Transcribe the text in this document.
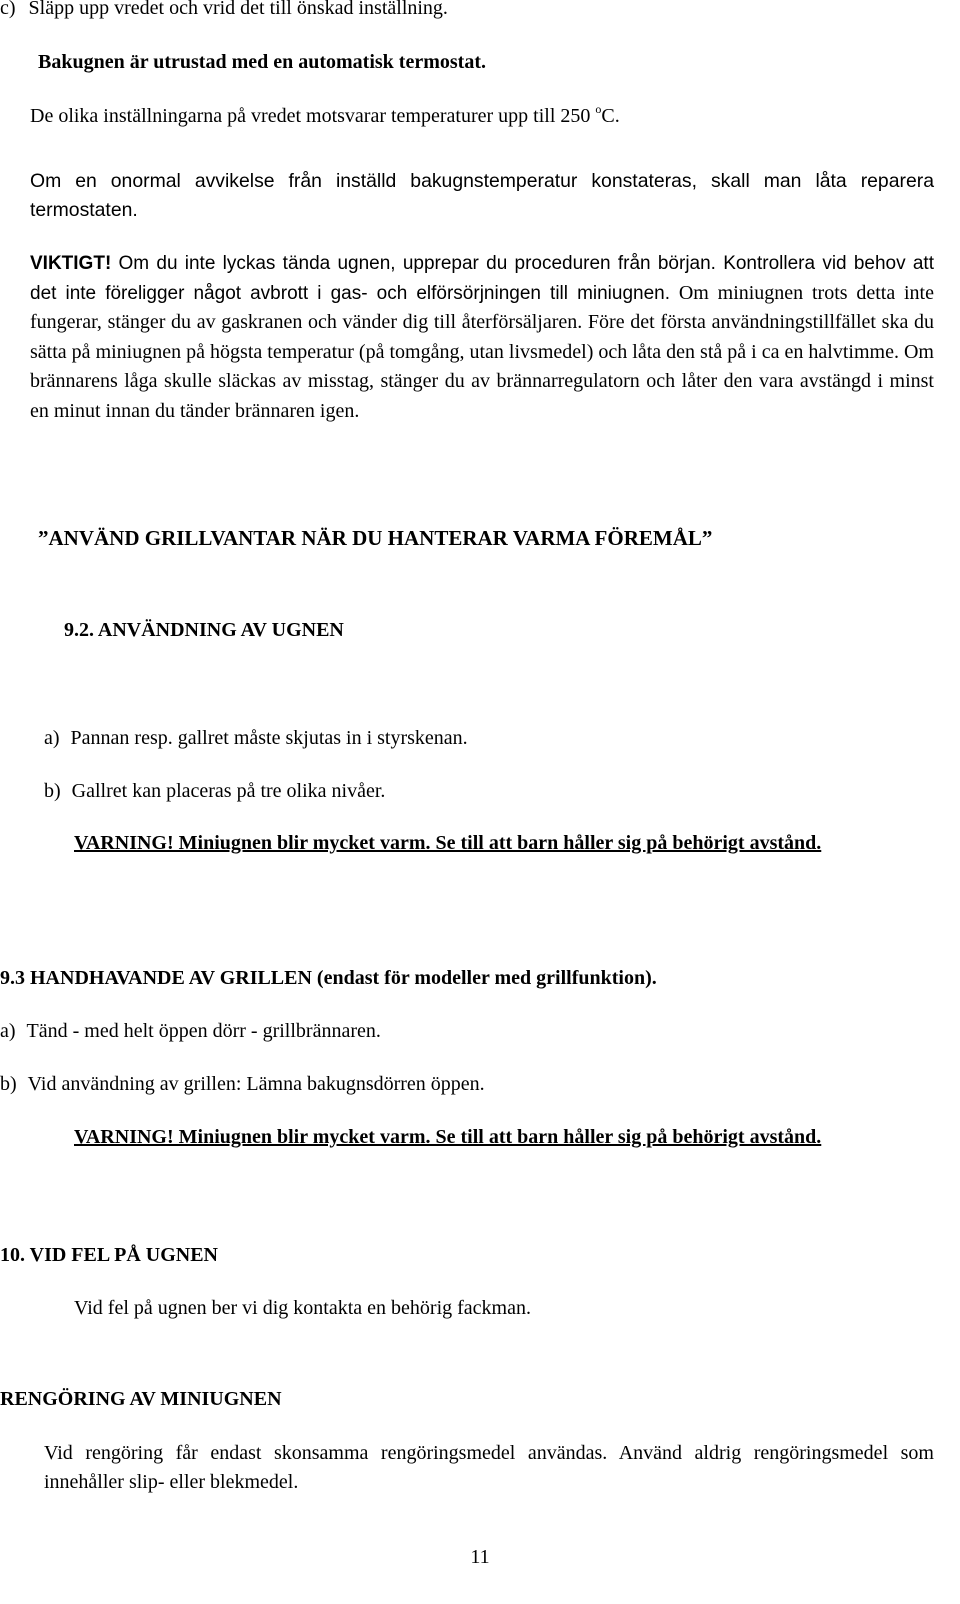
c) Släpp upp vredet och vrid det till önskad inställning.
Bakugnen är utrustad med en automatisk termostat.
De olika inställningarna på vredet motsvarar temperaturer upp till 250 $^o$C.
Om en onormal avvikelse från inställd bakugnstemperatur konstateras, skall man låta reparera termostaten.
VIKTIGT! Om du inte lyckas tända ugnen, upprepar du proceduren från början. Kontrollera vid behov att det inte föreligger något avbrott i gas- och elförsörjningen till miniugnen. Om miniugnen trots detta inte fungerar, stänger du av gaskranen och vänder dig till återförsäljaren. Före det första användningstillfället ska du sätta på miniugnen på högsta temperatur (på tomgång, utan livsmedel) och låta den stå på i ca en halvtimme. Om brännarens låga skulle släckas av misstag, stänger du av brännarregulatorn och låter den vara avstängd i minst en minut innan du tänder brännaren igen.
”ANVÄND GRILLVANTAR NÄR DU HANTERAR VARMA FÖREMÅL”
9.2. ANVÄNDNING AV UGNEN
a) Pannan resp. gallret måste skjutas in i styrskenan.
b) Gallret kan placeras på tre olika nivåer.
VARNING! Miniugnen blir mycket varm. Se till att barn håller sig på behörigt avstånd.
9.3 HANDHAVANDE AV GRILLEN (endast för modeller med grillfunktion).
a) Tänd - med helt öppen dörr - grillbrännaren.
b) Vid användning av grillen: Lämna bakugnsdörren öppen.
VARNING! Miniugnen blir mycket varm. Se till att barn håller sig på behörigt avstånd.
10. VID FEL PÅ UGNEN
Vid fel på ugnen ber vi dig kontakta en behörig fackman.
RENGÖRING AV MINIUGNEN
Vid rengöring får endast skonsamma rengöringsmedel användas. Använd aldrig rengöringsmedel som innehåller slip- eller blekmedel.
11
